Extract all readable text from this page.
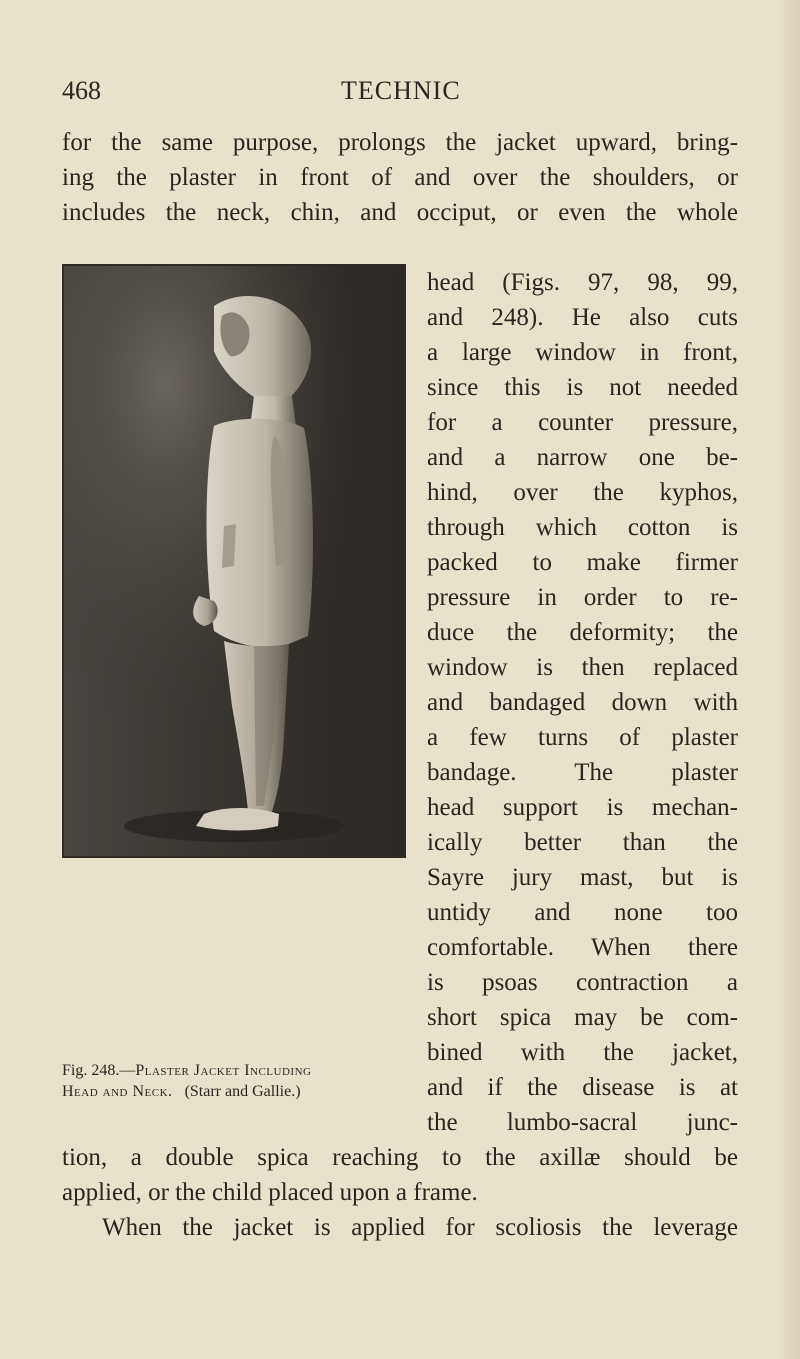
468	TECHNIC
for the same purpose, prolongs the jacket upward, bring-
ing the plaster in front of and over the shoulders, or
includes the neck, chin, and occiput, or even the whole
head (Figs. 97, 98, 99,
and 248). He also cuts
a large window in front,
since this is not needed
for a counter pressure,
and a narrow one be-
hind, over the kyphos,
through which cotton is
packed to make firmer
pressure in order to re-
duce the deformity; the
window is then replaced
and bandaged down with
a few turns of plaster
bandage. The plaster
head support is mechan-
ically better than the
Sayre jury mast, but is
untidy and none too
comfortable. When there
is psoas contraction a
short spica may be com-
bined with the jacket,
and if the disease is at
the lumbo-sacral junc-
Fig. 248.—Plaster Jacket Including
Head and Neck. (Starr and Gallie.)
tion, a double spica reaching to the axillæ should be
applied, or the child placed upon a frame.
When the jacket is applied for scoliosis the leverage
